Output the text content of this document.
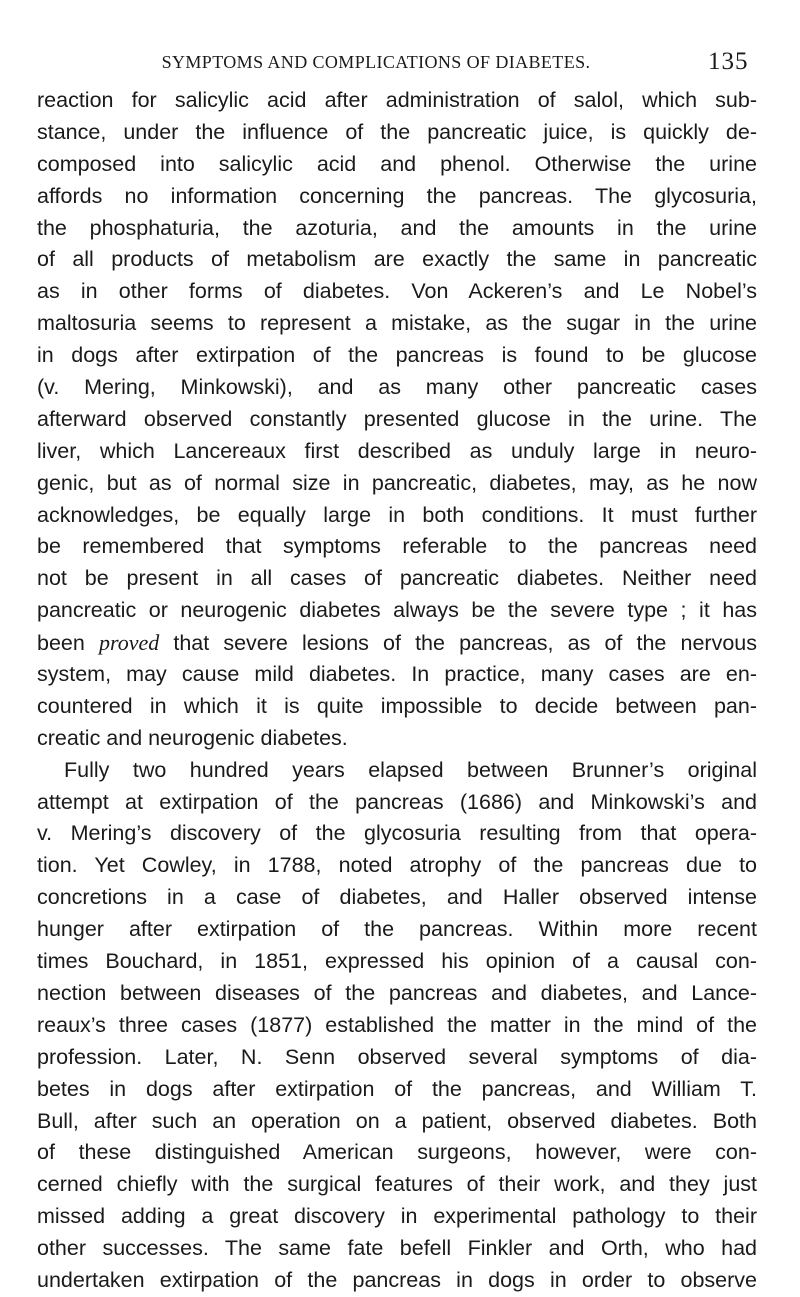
SYMPTOMS AND COMPLICATIONS OF DIABETES.	135
reaction for salicylic acid after administration of salol, which sub-
stance, under the influence of the pancreatic juice, is quickly de-
composed into salicylic acid and phenol. Otherwise the urine
affords no information concerning the pancreas. The glycosuria,
the phosphaturia, the azoturia, and the amounts in the urine
of all products of metabolism are exactly the same in pancreatic
as in other forms of diabetes. Von Ackeren’s and Le Nobel’s
maltosuria seems to represent a mistake, as the sugar in the urine
in dogs after extirpation of the pancreas is found to be glucose
(v. Mering, Minkowski), and as many other pancreatic cases
afterward observed constantly presented glucose in the urine. The
liver, which Lancereaux first described as unduly large in neuro-
genic, but as of normal size in pancreatic, diabetes, may, as he now
acknowledges, be equally large in both conditions. It must further
be remembered that symptoms referable to the pancreas need
not be present in all cases of pancreatic diabetes. Neither need
pancreatic or neurogenic diabetes always be the severe type ; it has
been proved that severe lesions of the pancreas, as of the nervous
system, may cause mild diabetes. In practice, many cases are en-
countered in which it is quite impossible to decide between pan-
creatic and neurogenic diabetes.
Fully two hundred years elapsed between Brunner’s original
attempt at extirpation of the pancreas (1686) and Minkowski’s and
v. Mering’s discovery of the glycosuria resulting from that opera-
tion. Yet Cowley, in 1788, noted atrophy of the pancreas due to
concretions in a case of diabetes, and Haller observed intense
hunger after extirpation of the pancreas. Within more recent
times Bouchard, in 1851, expressed his opinion of a causal con-
nection between diseases of the pancreas and diabetes, and Lance-
reaux’s three cases (1877) established the matter in the mind of the
profession. Later, N. Senn observed several symptoms of dia-
betes in dogs after extirpation of the pancreas, and William T.
Bull, after such an operation on a patient, observed diabetes. Both
of these distinguished American surgeons, however, were con-
cerned chiefly with the surgical features of their work, and they just
missed adding a great discovery in experimental pathology to their
other successes. The same fate befell Finkler and Orth, who had
undertaken extirpation of the pancreas in dogs in order to observe
